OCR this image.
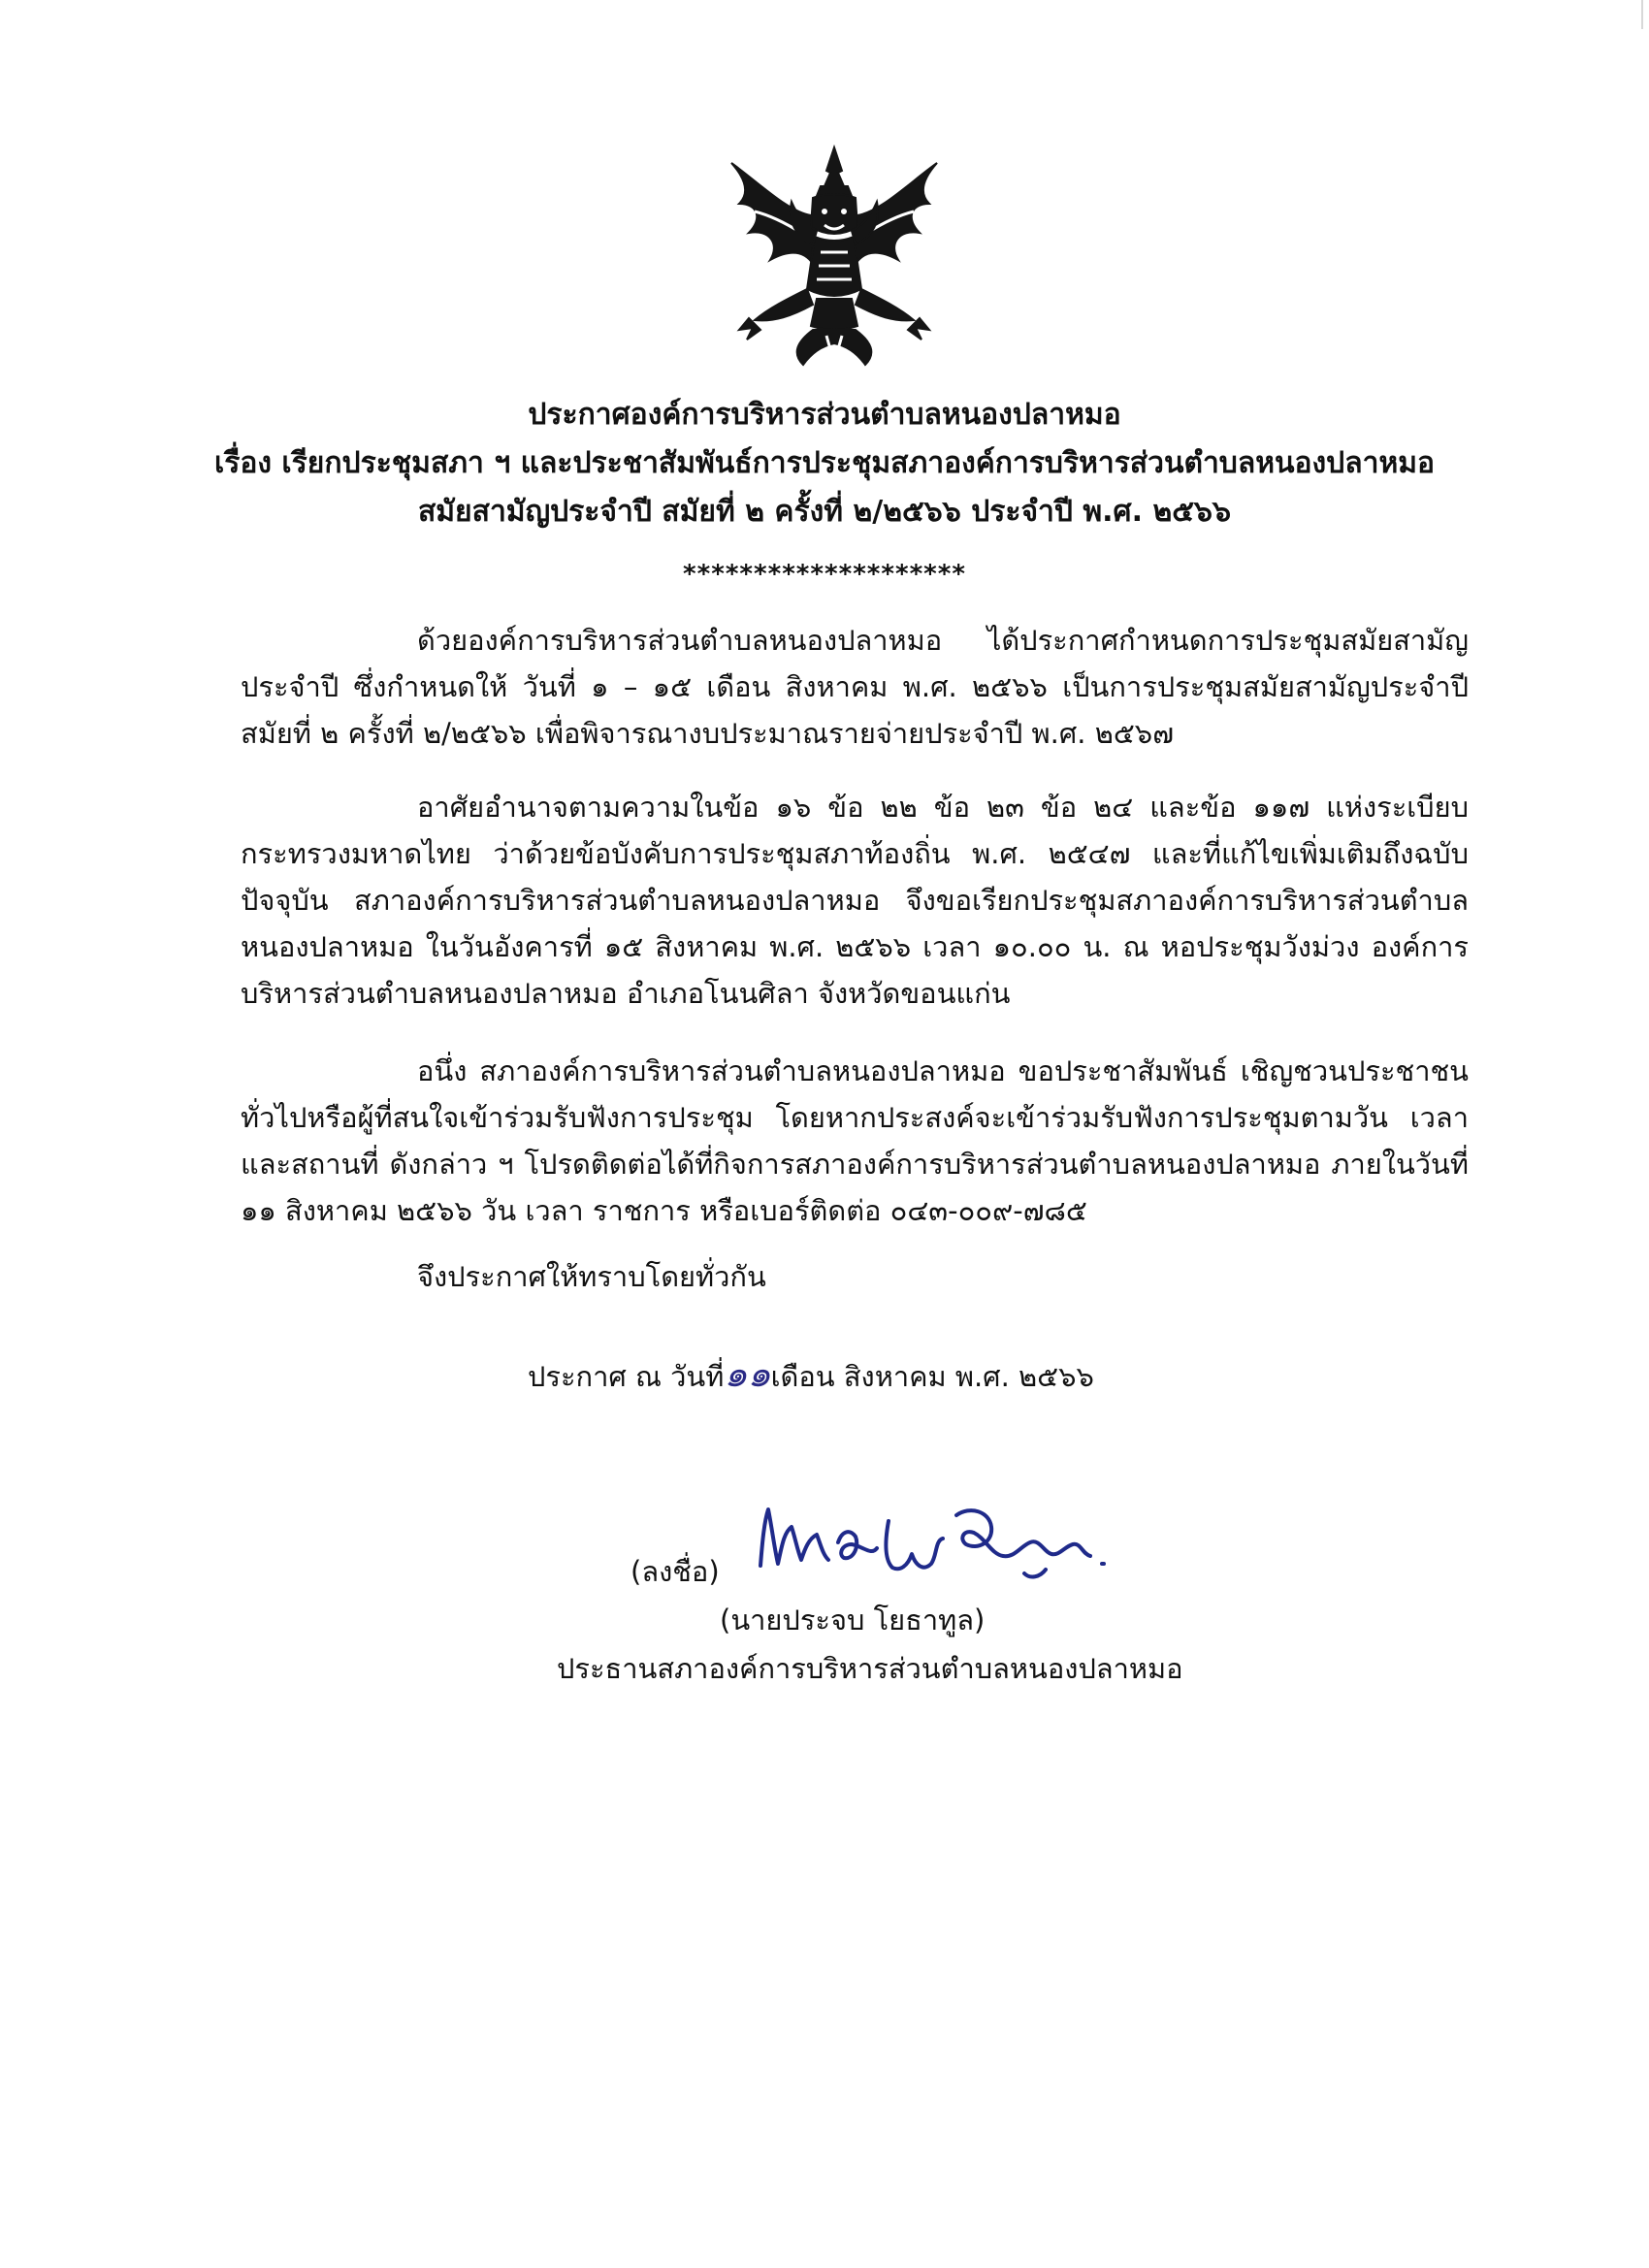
ประกาศองค์การบริหารส่วนตำบลหนองปลาหมอ
เรื่อง เรียกประชุมสภา ฯ และประชาสัมพันธ์การประชุมสภาองค์การบริหารส่วนตำบลหนองปลาหมอ
สมัยสามัญประจำปี สมัยที่ ๒ ครั้งที่ ๒/๒๕๖๖ ประจำปี พ.ศ. ๒๕๖๖
********************
ด้วยองค์การบริหารส่วนตำบลหนองปลาหมอ ได้ประกาศกำหนดการประชุมสมัยสามัญประจำปี ซึ่งกำหนดให้ วันที่ ๑ – ๑๕ เดือน สิงหาคม พ.ศ. ๒๕๖๖ เป็นการประชุมสมัยสามัญประจำปี สมัยที่ ๒ ครั้งที่ ๒/๒๕๖๖ เพื่อพิจารณางบประมาณรายจ่ายประจำปี พ.ศ. ๒๕๖๗
อาศัยอำนาจตามความในข้อ ๑๖ ข้อ ๒๒ ข้อ ๒๓ ข้อ ๒๔ และข้อ ๑๑๗ แห่งระเบียบกระทรวงมหาดไทย ว่าด้วยข้อบังคับการประชุมสภาท้องถิ่น พ.ศ. ๒๕๔๗ และที่แก้ไขเพิ่มเติมถึงฉบับปัจจุบัน สภาองค์การบริหารส่วนตำบลหนองปลาหมอ จึงขอเรียกประชุมสภาองค์การบริหารส่วนตำบลหนองปลาหมอ ในวันอังคารที่ ๑๕ สิงหาคม พ.ศ. ๒๕๖๖ เวลา ๑๐.๐๐ น. ณ หอประชุมวังม่วง องค์การบริหารส่วนตำบลหนองปลาหมอ อำเภอโนนศิลา จังหวัดขอนแก่น
อนึ่ง สภาองค์การบริหารส่วนตำบลหนองปลาหมอ ขอประชาสัมพันธ์ เชิญชวนประชาชนทั่วไปหรือผู้ที่สนใจเข้าร่วมรับฟังการประชุม โดยหากประสงค์จะเข้าร่วมรับฟังการประชุมตามวัน เวลา และสถานที่ ดังกล่าว ฯ โปรดติดต่อได้ที่กิจการสภาองค์การบริหารส่วนตำบลหนองปลาหมอ ภายในวันที่ ๑๑ สิงหาคม ๒๕๖๖ วัน เวลา ราชการ หรือเบอร์ติดต่อ ๐๔๓-๐๐๙-๗๘๕
จึงประกาศให้ทราบโดยทั่วกัน
ประกาศ ณ วันที่๑๑เดือน สิงหาคม พ.ศ. ๒๕๖๖
(ลงชื่อ)
(นายประจบ โยธาทูล)
ประธานสภาองค์การบริหารส่วนตำบลหนองปลาหมอ
